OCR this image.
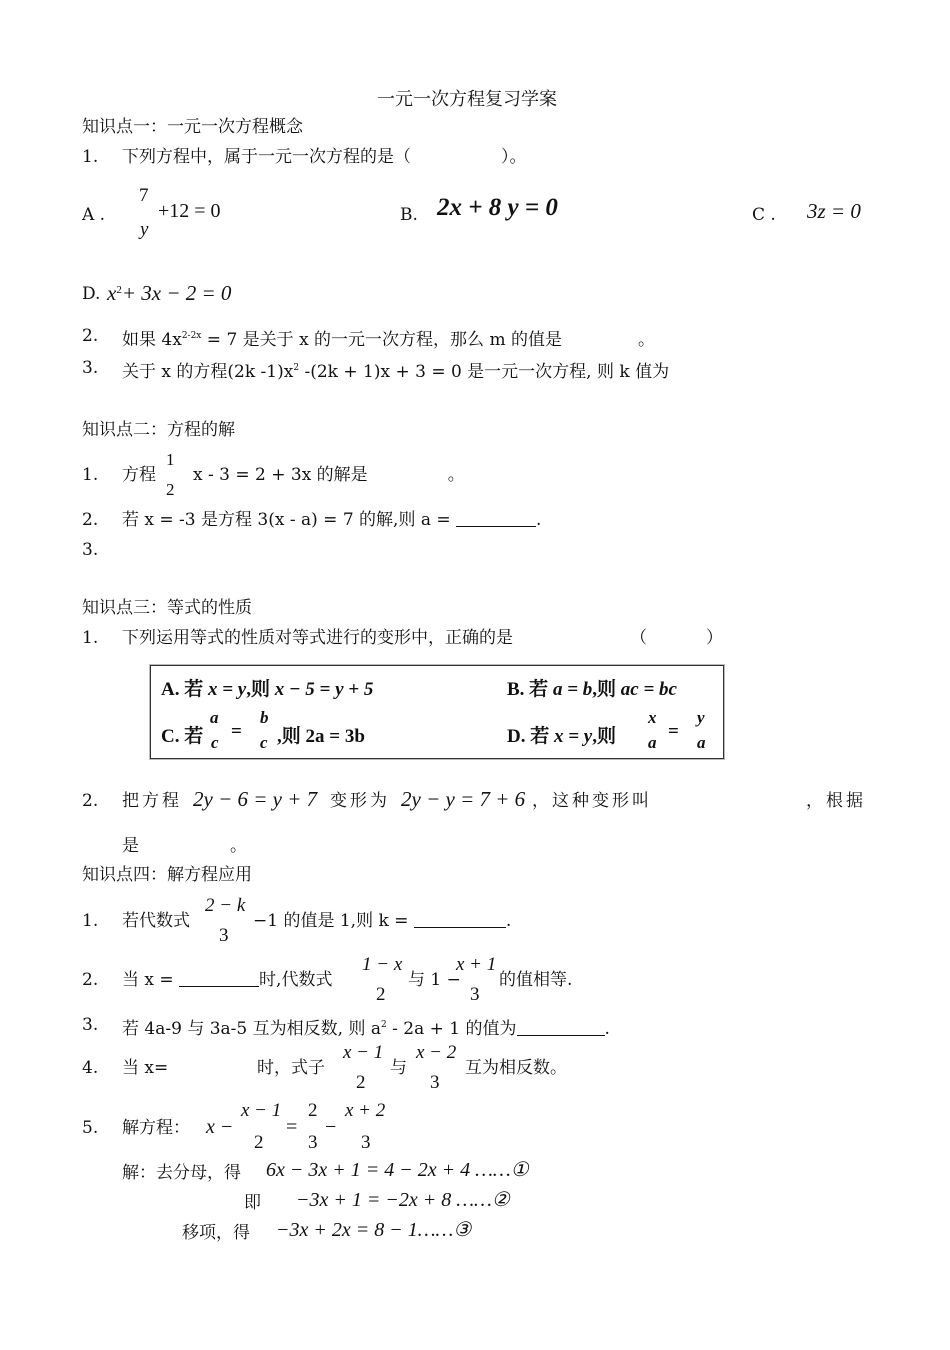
一元一次方程复习学案
知识点一：一元一次方程概念
1. 下列方程中，属于一元一次方程的是（	）。
A .
7
y
+12 = 0	B. 2x + 8 y = 0	C . 3z = 0
D. $x^2+ 3x - 2 = 0$
2. 如果 $4x^{2-2x} = 7$ 是关于 x 的一元一次方程，那么 m 的值是	。
3. 关于 x 的方程(2k $-1)x^2$ -(2k + 1)x + 3 = 0 是一元一次方程, 则 k 值为
知识点二：方程的解
1. 方程
1
2
x - 3 = 2 + 3x 的解是	。
2. 若 x = -3 是方程 3(x - a) = 7 的解,则 a =	.
3.
知识点三：等式的性质
1. 下列运用等式的性质对等式进行的变形中，正确的是	（	）
A. 若 x = y,则 x − 5 = y + 5	B. 若 a = b,则 ac = bc
C. 若
a
c
=
b
c ,则 2a = 3b	D. 若 x = y,则
x
a
=
y
a
2. 把方程 2y − 6 = y + 7 变形为 2y − y = 7 + 6 ，这种变形叫	，根据
是	。
知识点四：解方程应用
1. 若代数式
2 − k
3
−1 的值是 1,则 k =	.
2. 当 x =	时,代数式
1 − x
2
与 1 −
x + 1
3
的值相等.
3. 若 4a-9 与 3a-5 互为相反数, 则 $a^2 - 2a + 1$ 的值为	.
4. 当 x=	时，式子
x − 1
2
与
x − 2
3
互为相反数。
5. 解方程： x −
x − 1
2
=
2
3
−
x + 2
3
解：去分母，得 6x − 3x + 1 = 4 − 2x + 4 ……①
即 −3x + 1 = −2x + 8 ……②
移项，得 −3x + 2x = 8 − 1……③
